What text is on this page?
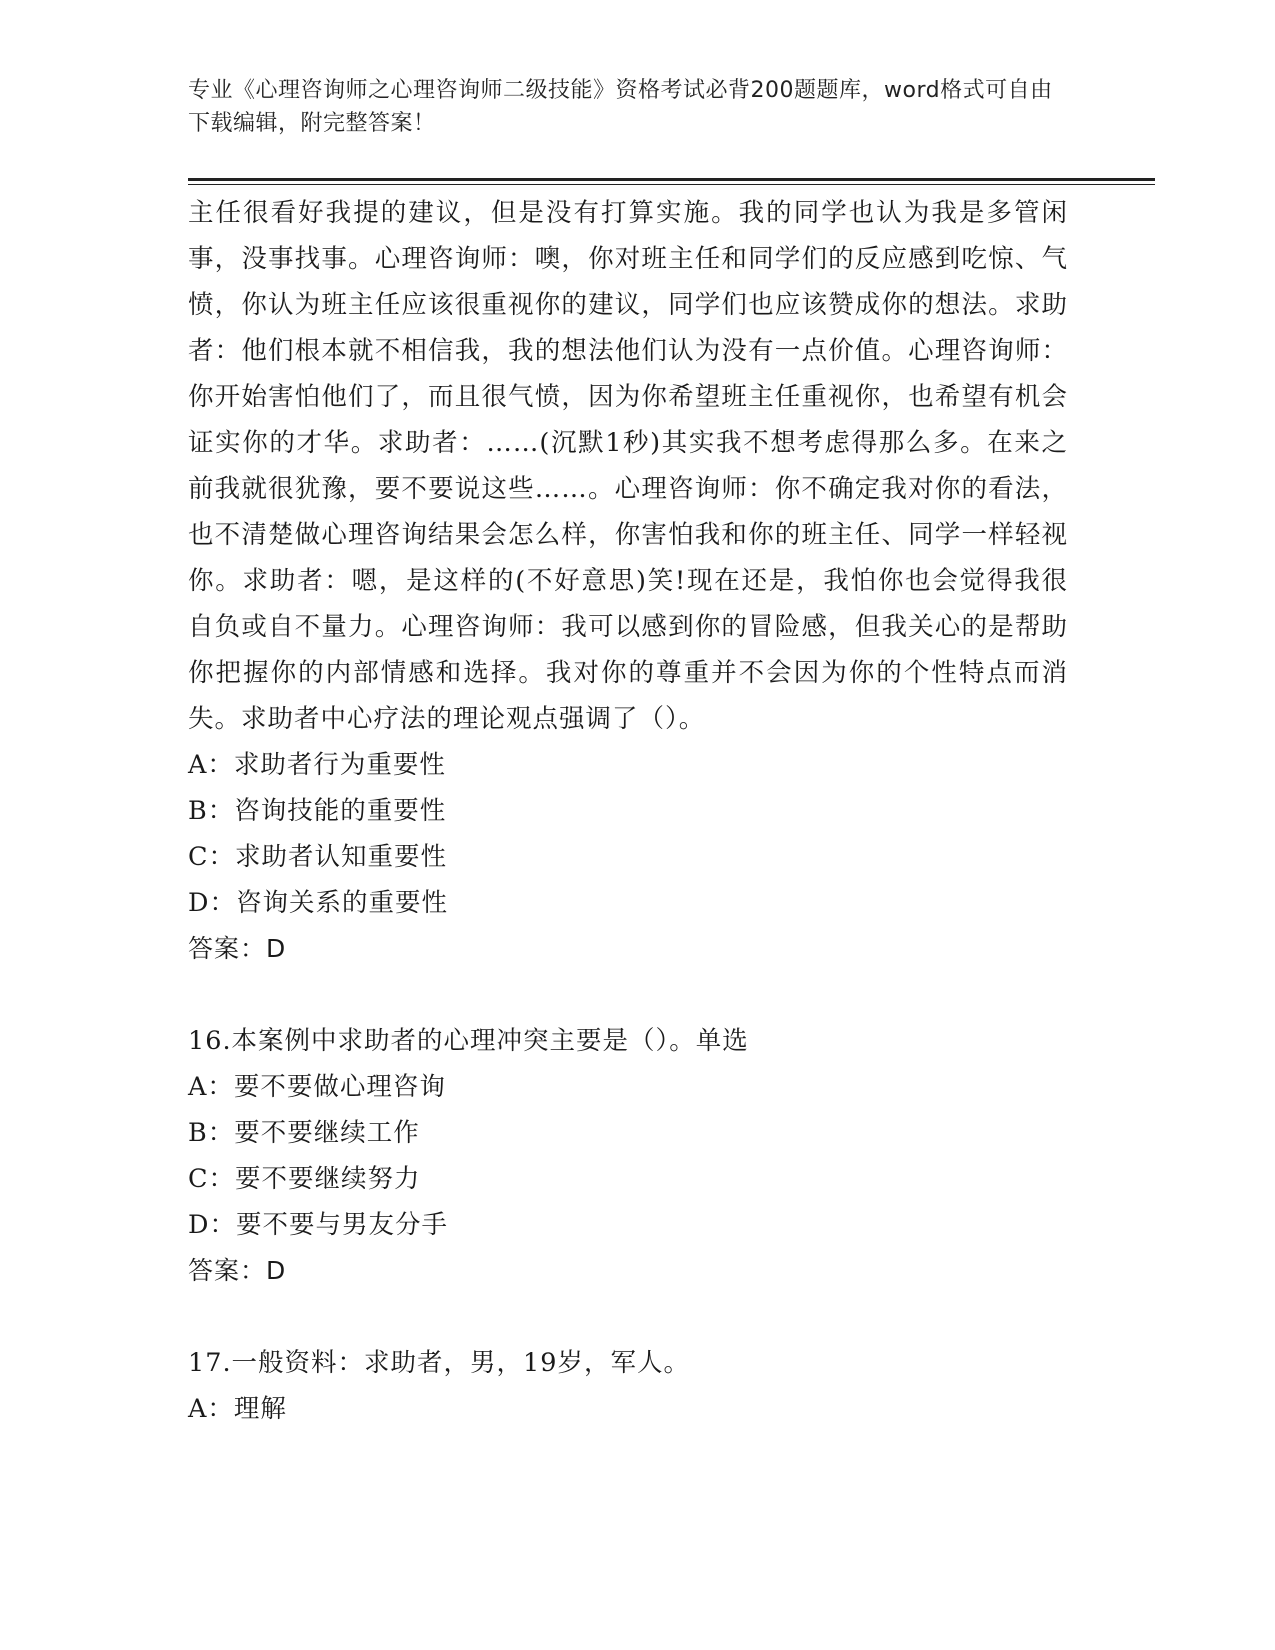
专业《心理咨询师之心理咨询师二级技能》资格考试必背200题题库，word格式可自由下载编辑，附完整答案！

主任很看好我提的建议，但是没有打算实施。我的同学也认为我是多管闲事，没事找事。心理咨询师：噢，你对班主任和同学们的反应感到吃惊、气愤，你认为班主任应该很重视你的建议，同学们也应该赞成你的想法。求助者：他们根本就不相信我，我的想法他们认为没有一点价值。心理咨询师：你开始害怕他们了，而且很气愤，因为你希望班主任重视你，也希望有机会证实你的才华。求助者：……(沉默1秒)其实我不想考虑得那么多。在来之前我就很犹豫，要不要说这些……。心理咨询师：你不确定我对你的看法，也不清楚做心理咨询结果会怎么样，你害怕我和你的班主任、同学一样轻视你。求助者：嗯，是这样的(不好意思)笑!现在还是，我怕你也会觉得我很自负或自不量力。心理咨询师：我可以感到你的冒险感，但我关心的是帮助你把握你的内部情感和选择。我对你的尊重并不会因为你的个性特点而消失。求助者中心疗法的理论观点强调了（）。

A：求助者行为重要性

B：咨询技能的重要性

C：求助者认知重要性

D：咨询关系的重要性

答案：D

16.本案例中求助者的心理冲突主要是（）。单选

A：要不要做心理咨询

B：要不要继续工作

C：要不要继续努力

D：要不要与男友分手

答案：D

17.一般资料：求助者，男，19岁，军人。

A：理解
